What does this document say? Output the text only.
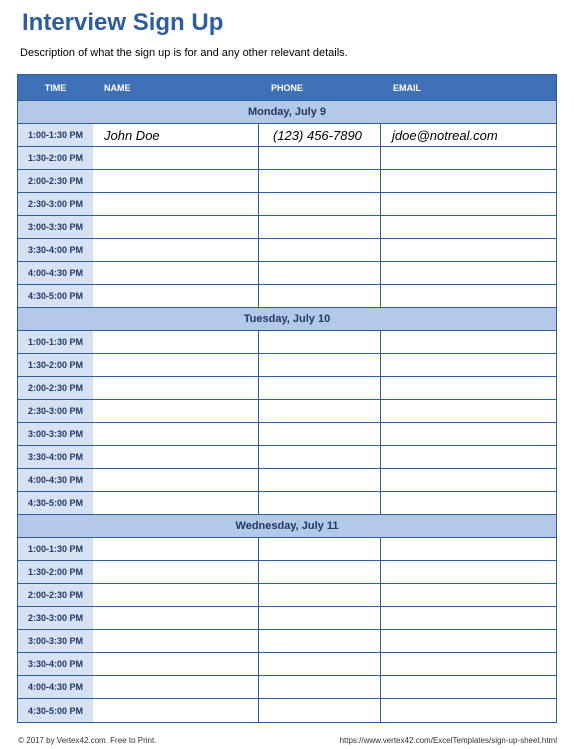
Interview Sign Up
Description of what the sign up is for and any other relevant details.
TIME	NAME	PHONE	EMAIL
Monday, July 9
1:00-1:30 PM	John Doe	(123) 456-7890	jdoe@notreal.com
1:30-2:00 PM
2:00-2:30 PM
2:30-3:00 PM
3:00-3:30 PM
3:30-4:00 PM
4:00-4:30 PM
4:30-5:00 PM
Tuesday, July 10
1:00-1:30 PM
1:30-2:00 PM
2:00-2:30 PM
2:30-3:00 PM
3:00-3:30 PM
3:30-4:00 PM
4:00-4:30 PM
4:30-5:00 PM
Wednesday, July 11
1:00-1:30 PM
1:30-2:00 PM
2:00-2:30 PM
2:30-3:00 PM
3:00-3:30 PM
3:30-4:00 PM
4:00-4:30 PM
4:30-5:00 PM
© 2017 by Vertex42.com. Free to Print.	https://www.vertex42.com/ExcelTemplates/sign-up-sheet.html
